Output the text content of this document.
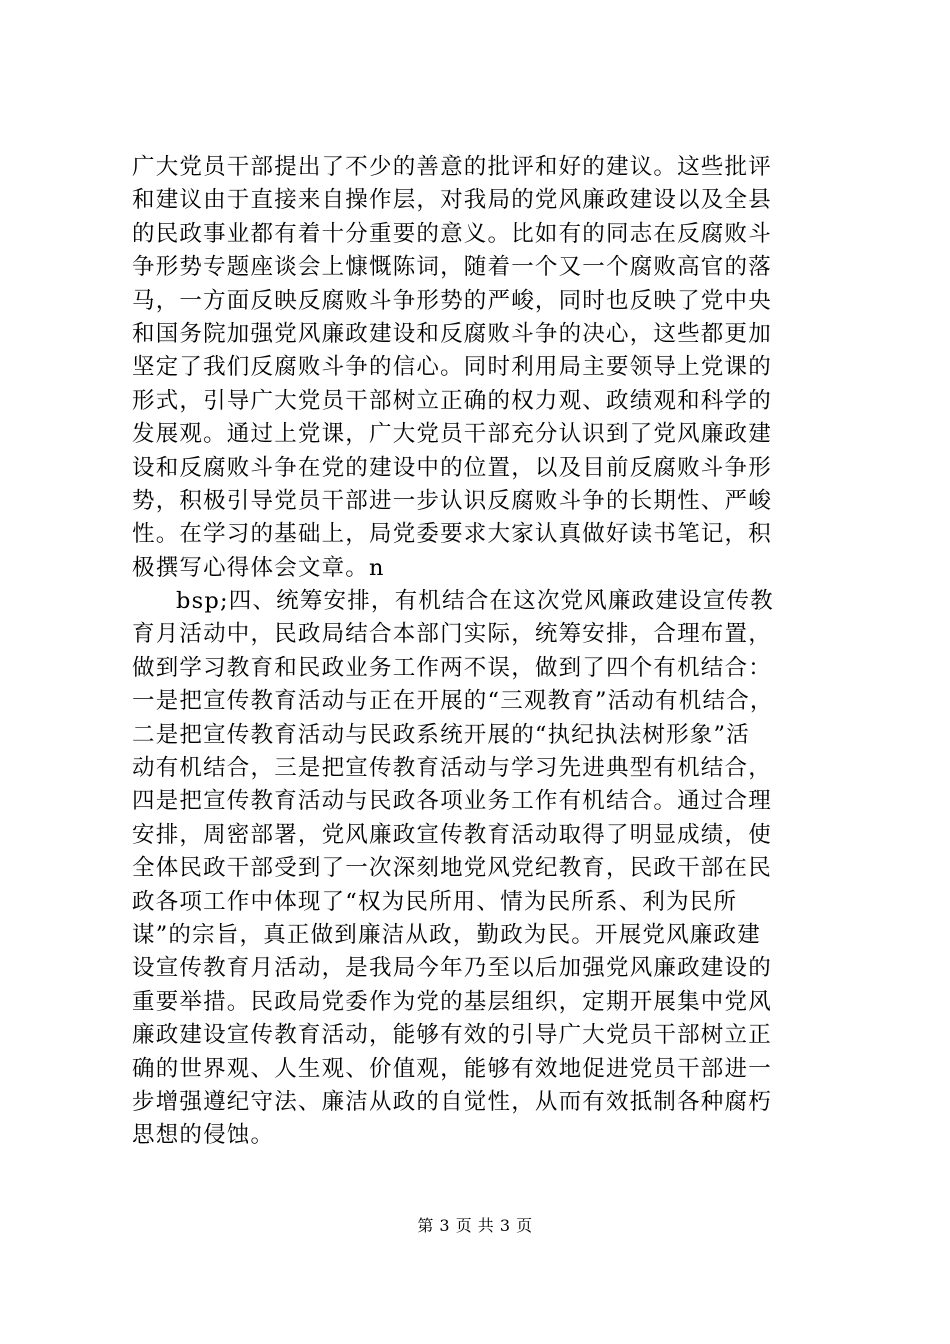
广大党员干部提出了不少的善意的批评和好的建议。这些批评
和建议由于直接来自操作层，对我局的党风廉政建设以及全县
的民政事业都有着十分重要的意义。比如有的同志在反腐败斗
争形势专题座谈会上慷慨陈词，随着一个又一个腐败高官的落
马，一方面反映反腐败斗争形势的严峻，同时也反映了党中央
和国务院加强党风廉政建设和反腐败斗争的决心，这些都更加
坚定了我们反腐败斗争的信心。同时利用局主要领导上党课的
形式，引导广大党员干部树立正确的权力观、政绩观和科学的
发展观。通过上党课，广大党员干部充分认识到了党风廉政建
设和反腐败斗争在党的建设中的位置，以及目前反腐败斗争形
势，积极引导党员干部进一步认识反腐败斗争的长期性、严峻
性。在学习的基础上，局党委要求大家认真做好读书笔记，积
极撰写心得体会文章。n
bsp;四、统筹安排，有机结合在这次党风廉政建设宣传教
育月活动中，民政局结合本部门实际，统筹安排，合理布置，
做到学习教育和民政业务工作两不误，做到了四个有机结合：
一是把宣传教育活动与正在开展的“三观教育”活动有机结合，
二是把宣传教育活动与民政系统开展的“执纪执法树形象”活
动有机结合，三是把宣传教育活动与学习先进典型有机结合，
四是把宣传教育活动与民政各项业务工作有机结合。通过合理
安排，周密部署，党风廉政宣传教育活动取得了明显成绩，使
全体民政干部受到了一次深刻地党风党纪教育，民政干部在民
政各项工作中体现了“权为民所用、情为民所系、利为民所
谋”的宗旨，真正做到廉洁从政，勤政为民。开展党风廉政建
设宣传教育月活动，是我局今年乃至以后加强党风廉政建设的
重要举措。民政局党委作为党的基层组织，定期开展集中党风
廉政建设宣传教育活动，能够有效的引导广大党员干部树立正
确的世界观、人生观、价值观，能够有效地促进党员干部进一
步增强遵纪守法、廉洁从政的自觉性，从而有效抵制各种腐朽
思想的侵蚀。
第 3 页 共 3 页
